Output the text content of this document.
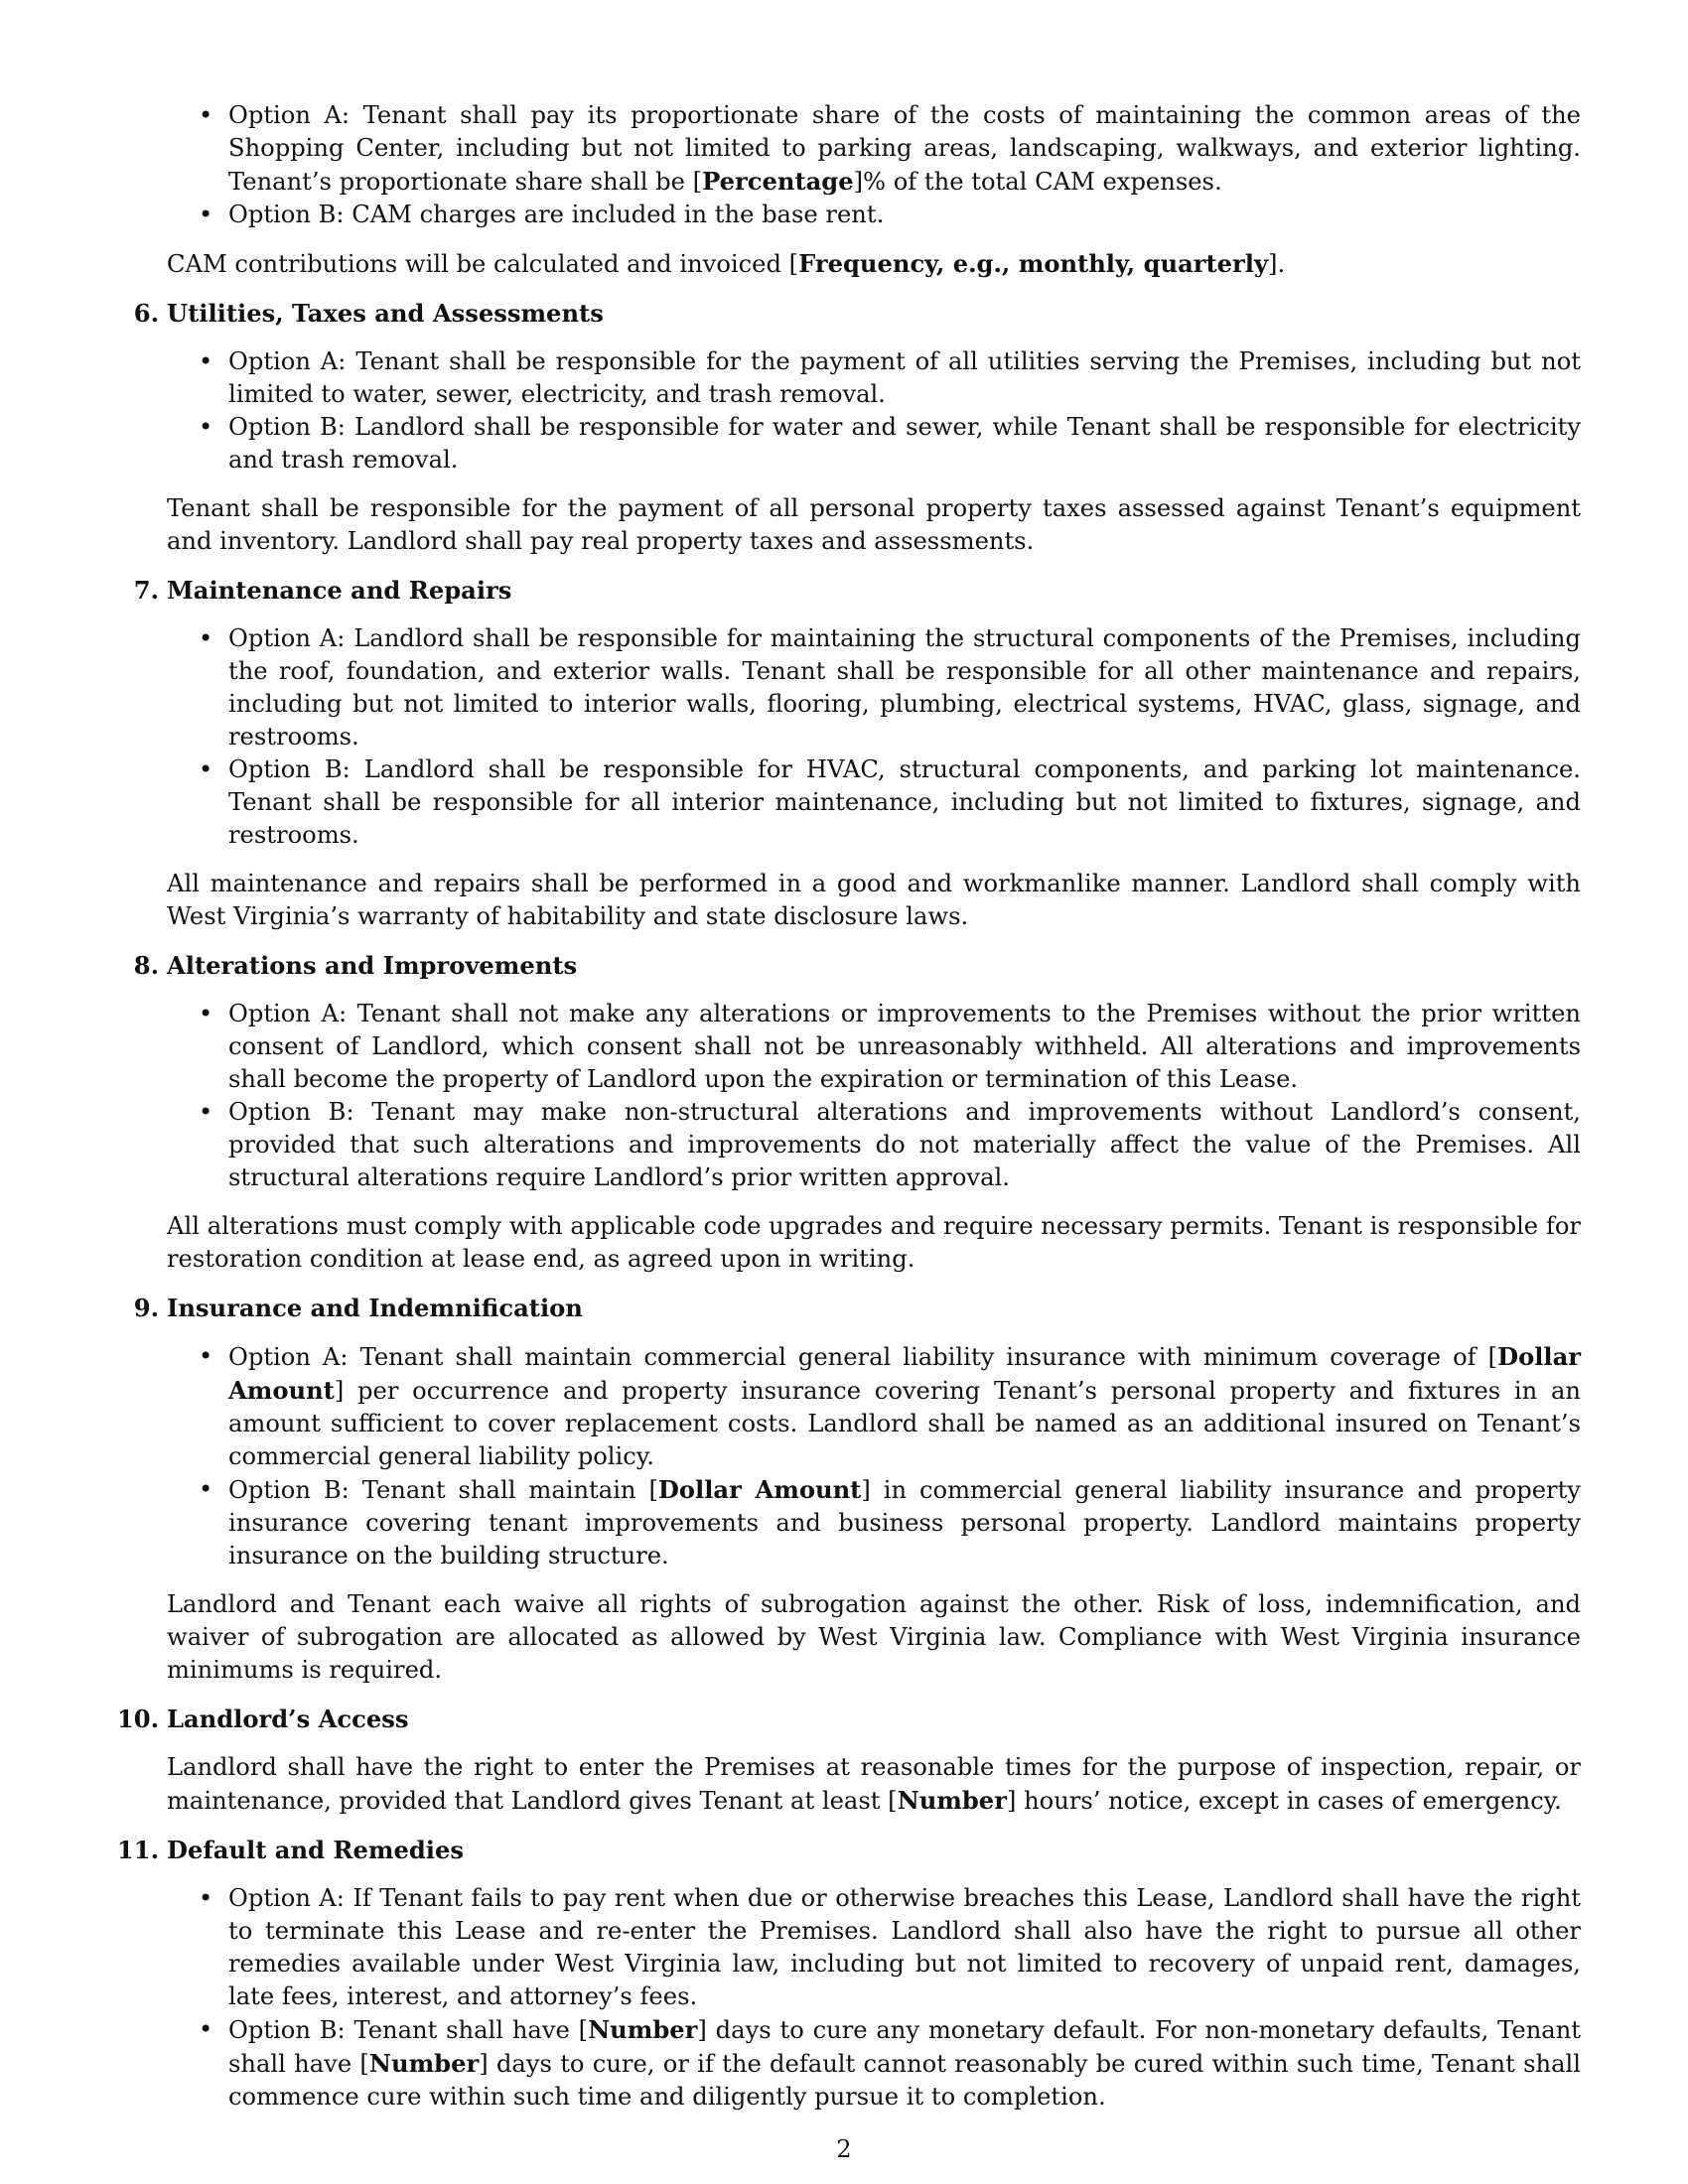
• Option A: Tenant shall pay its proportionate share of the costs of maintaining the common areas of the Shopping Center, including but not limited to parking areas, landscaping, walkways, and exterior lighting. Tenant’s proportionate share shall be [Percentage]% of the total CAM expenses.
• Option B: CAM charges are included in the base rent.

CAM contributions will be calculated and invoiced [Frequency, e.g., monthly, quarterly].

6. Utilities, Taxes and Assessments
• Option A: Tenant shall be responsible for the payment of all utilities serving the Premises, including but not limited to water, sewer, electricity, and trash removal.
• Option B: Landlord shall be responsible for water and sewer, while Tenant shall be responsible for electricity and trash removal.

Tenant shall be responsible for the payment of all personal property taxes assessed against Tenant’s equipment and inventory. Landlord shall pay real property taxes and assessments.

7. Maintenance and Repairs
• Option A: Landlord shall be responsible for maintaining the structural components of the Premises, including the roof, foundation, and exterior walls. Tenant shall be responsible for all other maintenance and repairs, including but not limited to interior walls, flooring, plumbing, electrical systems, HVAC, glass, signage, and restrooms.
• Option B: Landlord shall be responsible for HVAC, structural components, and parking lot maintenance. Tenant shall be responsible for all interior maintenance, including but not limited to fixtures, signage, and restrooms.

All maintenance and repairs shall be performed in a good and workmanlike manner. Landlord shall comply with West Virginia’s warranty of habitability and state disclosure laws.

8. Alterations and Improvements
• Option A: Tenant shall not make any alterations or improvements to the Premises without the prior written consent of Landlord, which consent shall not be unreasonably withheld. All alterations and improvements shall become the property of Landlord upon the expiration or termination of this Lease.
• Option B: Tenant may make non-structural alterations and improvements without Landlord’s consent, provided that such alterations and improvements do not materially affect the value of the Premises. All structural alterations require Landlord’s prior written approval.

All alterations must comply with applicable code upgrades and require necessary permits. Tenant is responsible for restoration condition at lease end, as agreed upon in writing.

9. Insurance and Indemnification
• Option A: Tenant shall maintain commercial general liability insurance with minimum coverage of [Dollar Amount] per occurrence and property insurance covering Tenant’s personal property and fixtures in an amount sufficient to cover replacement costs. Landlord shall be named as an additional insured on Tenant’s commercial general liability policy.
• Option B: Tenant shall maintain [Dollar Amount] in commercial general liability insurance and property insurance covering tenant improvements and business personal property. Landlord maintains property insurance on the building structure.

Landlord and Tenant each waive all rights of subrogation against the other. Risk of loss, indemnification, and waiver of subrogation are allocated as allowed by West Virginia law. Compliance with West Virginia insurance minimums is required.

10. Landlord’s Access

Landlord shall have the right to enter the Premises at reasonable times for the purpose of inspection, repair, or maintenance, provided that Landlord gives Tenant at least [Number] hours’ notice, except in cases of emergency.

11. Default and Remedies
• Option A: If Tenant fails to pay rent when due or otherwise breaches this Lease, Landlord shall have the right to terminate this Lease and re-enter the Premises. Landlord shall also have the right to pursue all other remedies available under West Virginia law, including but not limited to recovery of unpaid rent, damages, late fees, interest, and attorney’s fees.
• Option B: Tenant shall have [Number] days to cure any monetary default. For non-monetary defaults, Tenant shall have [Number] days to cure, or if the default cannot reasonably be cured within such time, Tenant shall commence cure within such time and diligently pursue it to completion.
2
